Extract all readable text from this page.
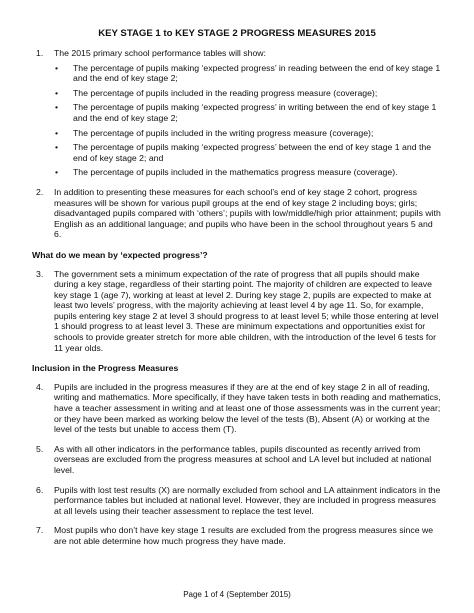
KEY STAGE 1 to KEY STAGE 2 PROGRESS MEASURES 2015
1.	The 2015 primary school performance tables will show:
•	The percentage of pupils making ‘expected progress’ in reading between the end of key stage 1 and the end of key stage 2;
•	The percentage of pupils included in the reading progress measure (coverage);
•	The percentage of pupils making ‘expected progress’ in writing between the end of key stage 1 and the end of key stage 2;
•	The percentage of pupils included in the writing progress measure (coverage);
•	The percentage of pupils making ‘expected progress’ between the end of key stage 1 and the end of key stage 2; and
•	The percentage of pupils included in the mathematics progress measure (coverage).
2.	In addition to presenting these measures for each school’s end of key stage 2 cohort, progress measures will be shown for various pupil groups at the end of key stage 2 including boys; girls; disadvantaged pupils compared with ‘others’; pupils with low/middle/high prior attainment; pupils with English as an additional language; and pupils who have been in the school throughout years 5 and 6.
What do we mean by ‘expected progress’?
3.	The government sets a minimum expectation of the rate of progress that all pupils should make during a key stage, regardless of their starting point. The majority of children are expected to leave key stage 1 (age 7), working at least at level 2. During key stage 2, pupils are expected to make at least two levels’ progress, with the majority achieving at least level 4 by age 11. So, for example, pupils entering key stage 2 at level 3 should progress to at least level 5; while those entering at level 1 should progress to at least level 3. These are minimum expectations and opportunities exist for schools to provide greater stretch for more able children, with the introduction of the level 6 tests for 11 year olds.
Inclusion in the Progress Measures
4.	Pupils are included in the progress measures if they are at the end of key stage 2 in all of reading, writing and mathematics. More specifically, if they have taken tests in both reading and mathematics, have a teacher assessment in writing and at least one of those assessments was in the current year; or they have been marked as working below the level of the tests (B), Absent (A) or working at the level of the tests but unable to access them (T).
5.	As with all other indicators in the performance tables, pupils discounted as recently arrived from overseas are excluded from the progress measures at school and LA level but included at national level.
6.	Pupils with lost test results (X) are normally excluded from school and LA attainment indicators in the performance tables but included at national level. However, they are included in progress measures at all levels using their teacher assessment to replace the test level.
7.	Most pupils who don’t have key stage 1 results are excluded from the progress measures since we are not able determine how much progress they have made.
Page 1 of 4 (September 2015)
